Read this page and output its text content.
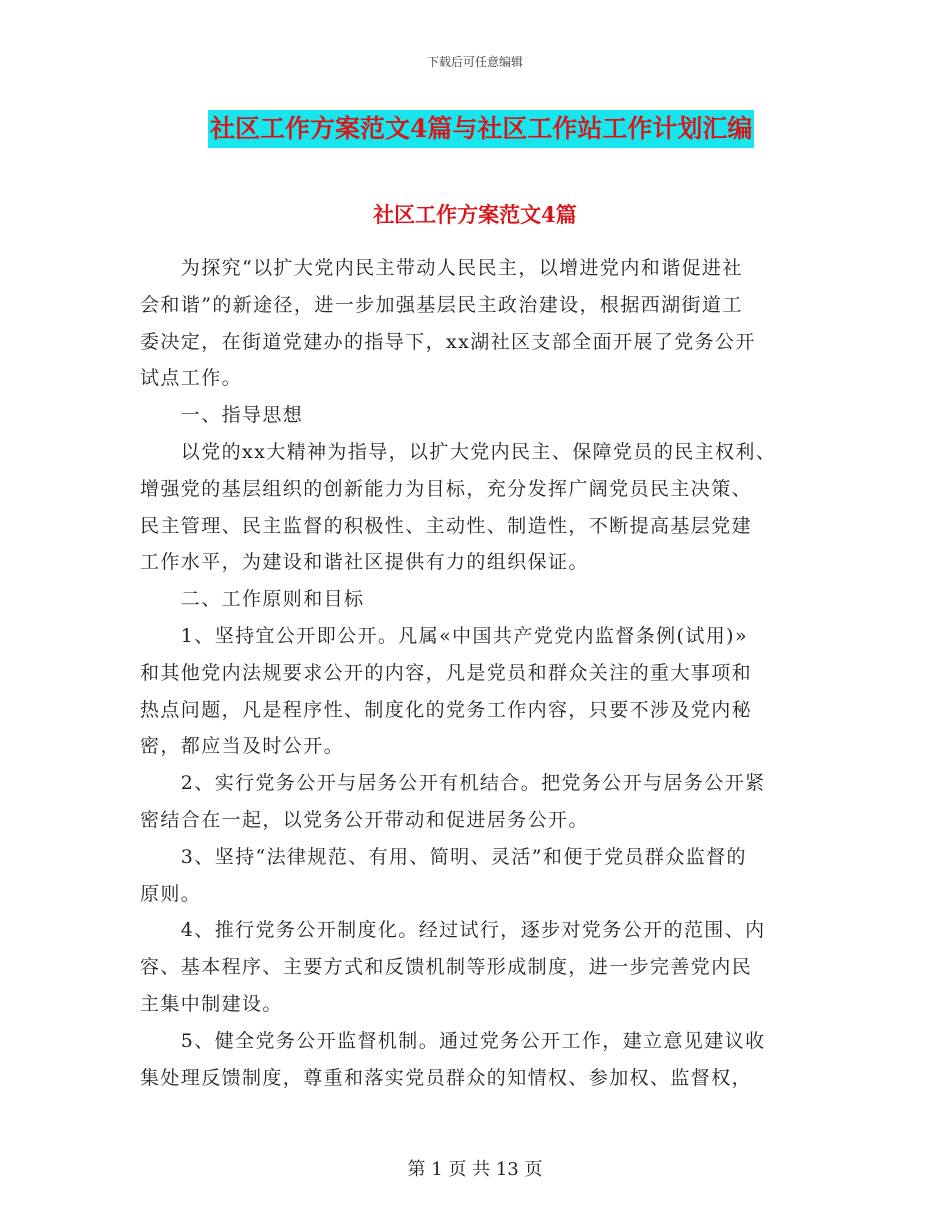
下载后可任意编辑
社区工作方案范文4篇与社区工作站工作计划汇编
社区工作方案范文4篇

　　为探究“以扩大党内民主带动人民民主，以增进党内和谐促进社
会和谐”的新途径，进一步加强基层民主政治建设，根据西湖街道工
委决定，在街道党建办的指导下，xx湖社区支部全面开展了党务公开
试点工作。

　　一、指导思想

　　以党的xx大精神为指导，以扩大党内民主、保障党员的民主权利、
增强党的基层组织的创新能力为目标，充分发挥广阔党员民主决策、
民主管理、民主监督的积极性、主动性、制造性，不断提高基层党建
工作水平，为建设和谐社区提供有力的组织保证。

　　二、工作原则和目标

　　1、坚持宜公开即公开。凡属«中国共产党党内监督条例(试用)»
和其他党内法规要求公开的内容，凡是党员和群众关注的重大事项和
热点问题，凡是程序性、制度化的党务工作内容，只要不涉及党内秘
密，都应当及时公开。

　　2、实行党务公开与居务公开有机结合。把党务公开与居务公开紧
密结合在一起，以党务公开带动和促进居务公开。

　　3、坚持“法律规范、有用、简明、灵活”和便于党员群众监督的
原则。

　　4、推行党务公开制度化。经过试行，逐步对党务公开的范围、内
容、基本程序、主要方式和反馈机制等形成制度，进一步完善党内民
主集中制建设。

　　5、健全党务公开监督机制。通过党务公开工作，建立意见建议收
集处理反馈制度，尊重和落实党员群众的知情权、参加权、监督权，

第 1 页 共 13 页
